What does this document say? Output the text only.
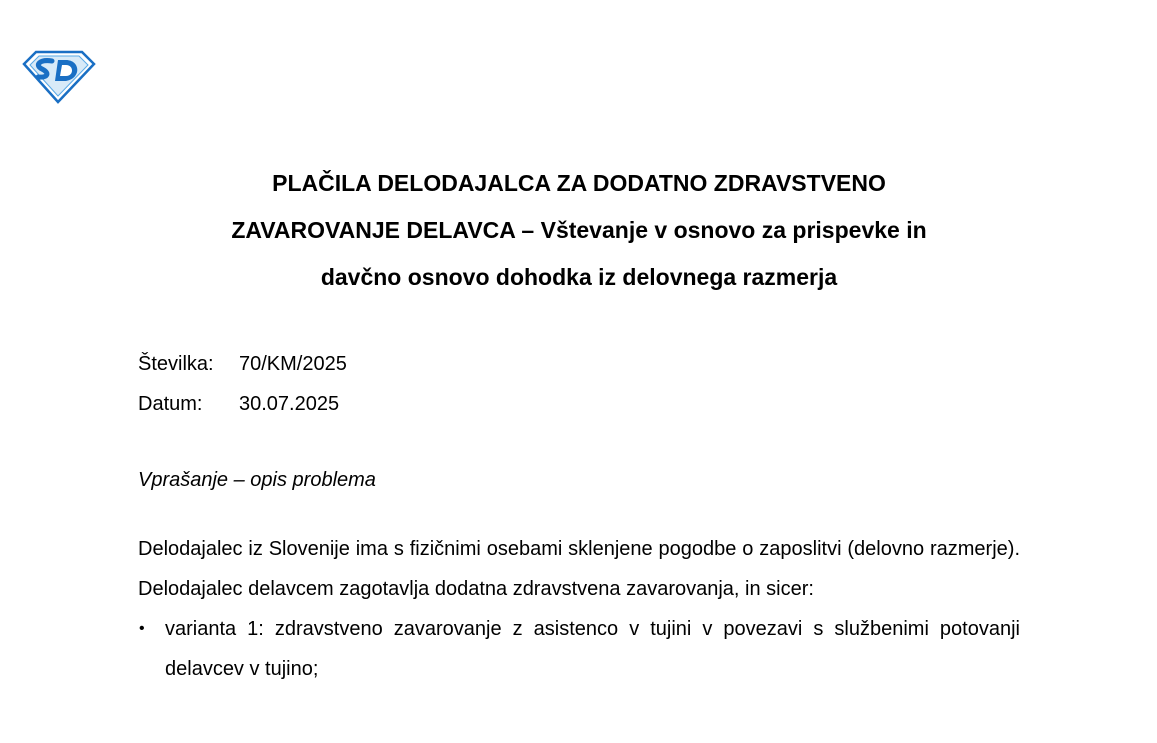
PLAČILA DELODAJALCA ZA DODATNO ZDRAVSTVENO
ZAVAROVANJE DELAVCA – Vštevanje v osnovo za prispevke in
davčno osnovo dohodka iz delovnega razmerja
Številka:	70/KM/2025
Datum:	30.07.2025
Vprašanje – opis problema

Delodajalec iz Slovenije ima s fizičnimi osebami sklenjene pogodbe o zaposlitvi (delovno razmerje). Delodajalec delavcem zagotavlja dodatna zdravstvena zavarovanja, in sicer:

• varianta 1: zdravstveno zavarovanje z asistenco v tujini v povezavi s službenimi potovanji delavcev v tujino;
